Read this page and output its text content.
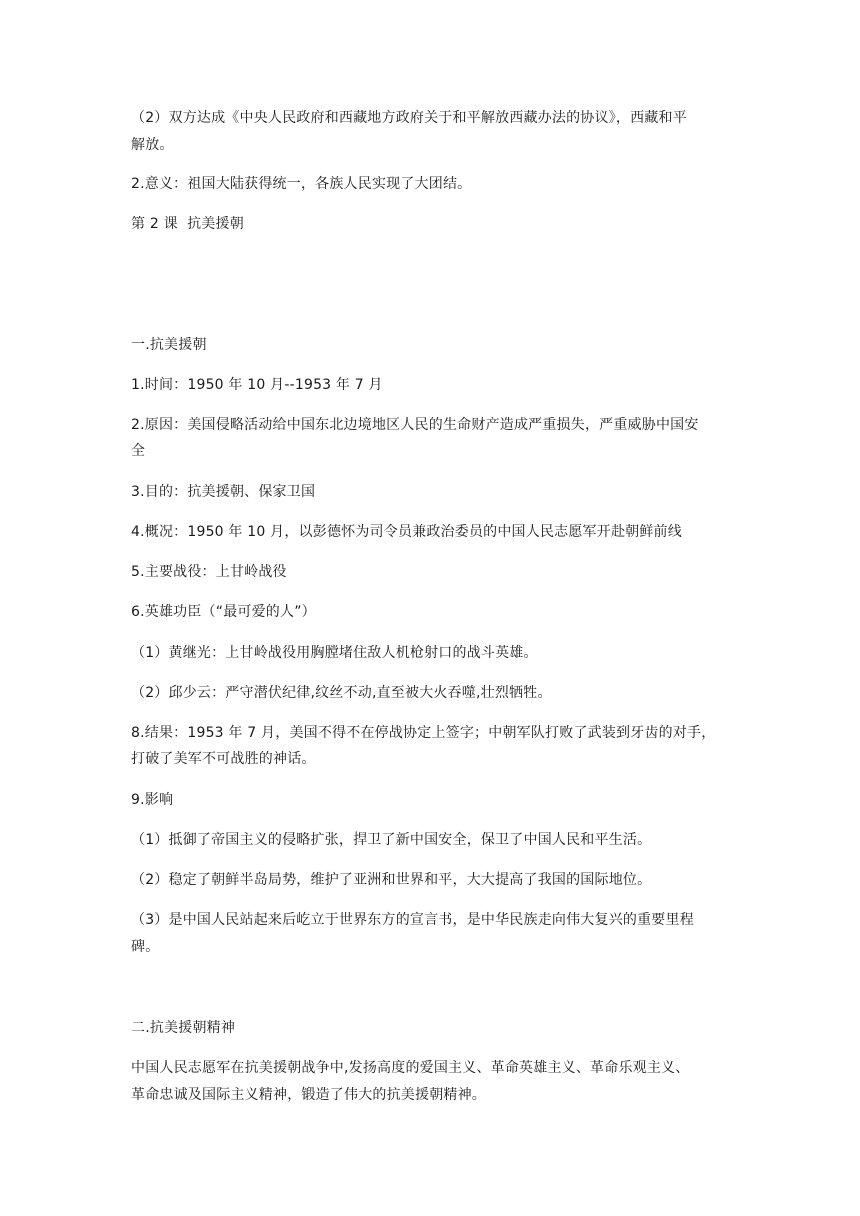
（2）双方达成《中央人民政府和西藏地方政府关于和平解放西藏办法的协议》，西藏和平
解放。
2.意义：祖国大陆获得统一，各族人民实现了大团结。
第 2 课  抗美援朝
一.抗美援朝
1.时间：1950 年 10 月--1953 年 7 月
2.原因：美国侵略活动给中国东北边境地区人民的生命财产造成严重损失，严重威胁中国安
全
3.目的：抗美援朝、保家卫国
4.概况：1950 年 10 月，以彭德怀为司令员兼政治委员的中国人民志愿军开赴朝鲜前线
5.主要战役：上甘岭战役
6.英雄功臣（“最可爱的人”）
（1）黄继光：上甘岭战役用胸膛堵住敌人机枪射口的战斗英雄。
（2）邱少云：严守潜伏纪律,纹丝不动,直至被大火吞噬,壮烈牺牲。
8.结果：1953 年 7 月，美国不得不在停战协定上签字；中朝军队打败了武装到牙齿的对手，
打破了美军不可战胜的神话。
9.影响
（1）抵御了帝国主义的侵略扩张，捍卫了新中国安全，保卫了中国人民和平生活。
（2）稳定了朝鲜半岛局势，维护了亚洲和世界和平，大大提高了我国的国际地位。
（3）是中国人民站起来后屹立于世界东方的宣言书，是中华民族走向伟大复兴的重要里程
碑。
二.抗美援朝精神
中国人民志愿军在抗美援朝战争中,发扬高度的爱国主义、革命英雄主义、革命乐观主义、
革命忠诚及国际主义精神，锻造了伟大的抗美援朝精神。
